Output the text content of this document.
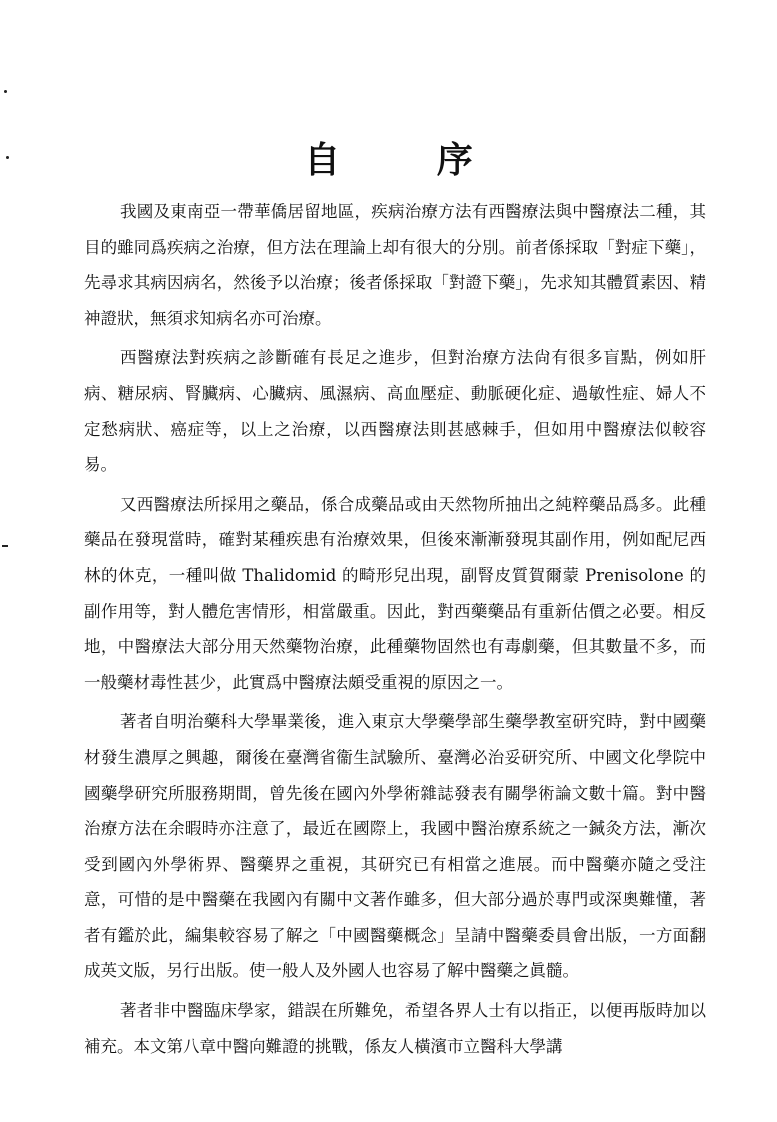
自 序

我國及東南亞一帶華僑居留地區，疾病治療方法有西醫療法與中醫療法二種，其目的雖同爲疾病之治療，但方法在理論上却有很大的分別。前者係採取「對症下藥」，先尋求其病因病名，然後予以治療；後者係採取「對證下藥」，先求知其體質素因、精神證狀，無須求知病名亦可治療。

西醫療法對疾病之診斷確有長足之進步，但對治療方法尙有很多盲點，例如肝病、糖尿病、腎臟病、心臟病、風濕病、高血壓症、動脈硬化症、過敏性症、婦人不定愁病狀、癌症等，以上之治療，以西醫療法則甚感棘手，但如用中醫療法似較容易。

又西醫療法所採用之藥品，係合成藥品或由天然物所抽出之純粹藥品爲多。此種藥品在發現當時，確對某種疾患有治療效果，但後來漸漸發現其副作用，例如配尼西林的休克，一種叫做 Thalidomid 的畸形兒出現，副腎皮質賀爾蒙 Prenisolone 的副作用等，對人體危害情形，相當嚴重。因此，對西藥藥品有重新估價之必要。相反地，中醫療法大部分用天然藥物治療，此種藥物固然也有毒劇藥，但其數量不多，而一般藥材毒性甚少，此實爲中醫療法頗受重視的原因之一。

著者自明治藥科大學畢業後，進入東京大學藥學部生藥學教室研究時，對中國藥材發生濃厚之興趣，爾後在臺灣省衞生試驗所、臺灣必治妥研究所、中國文化學院中國藥學研究所服務期間，曾先後在國內外學術雜誌發表有關學術論文數十篇。對中醫治療方法在余暇時亦注意了，最近在國際上，我國中醫治療系統之一鍼灸方法，漸次受到國內外學術界、醫藥界之重視，其研究已有相當之進展。而中醫藥亦隨之受注意，可惜的是中醫藥在我國內有關中文著作雖多，但大部分過於專門或深奧難懂，著者有鑑於此，編集較容易了解之「中國醫藥概念」呈請中醫藥委員會出版，一方面翻成英文版，另行出版。使一般人及外國人也容易了解中醫藥之眞髓。

著者非中醫臨床學家，錯誤在所難免，希望各界人士有以指正，以便再版時加以補充。本文第八章中醫向難證的挑戰，係友人橫濱市立醫科大學講
